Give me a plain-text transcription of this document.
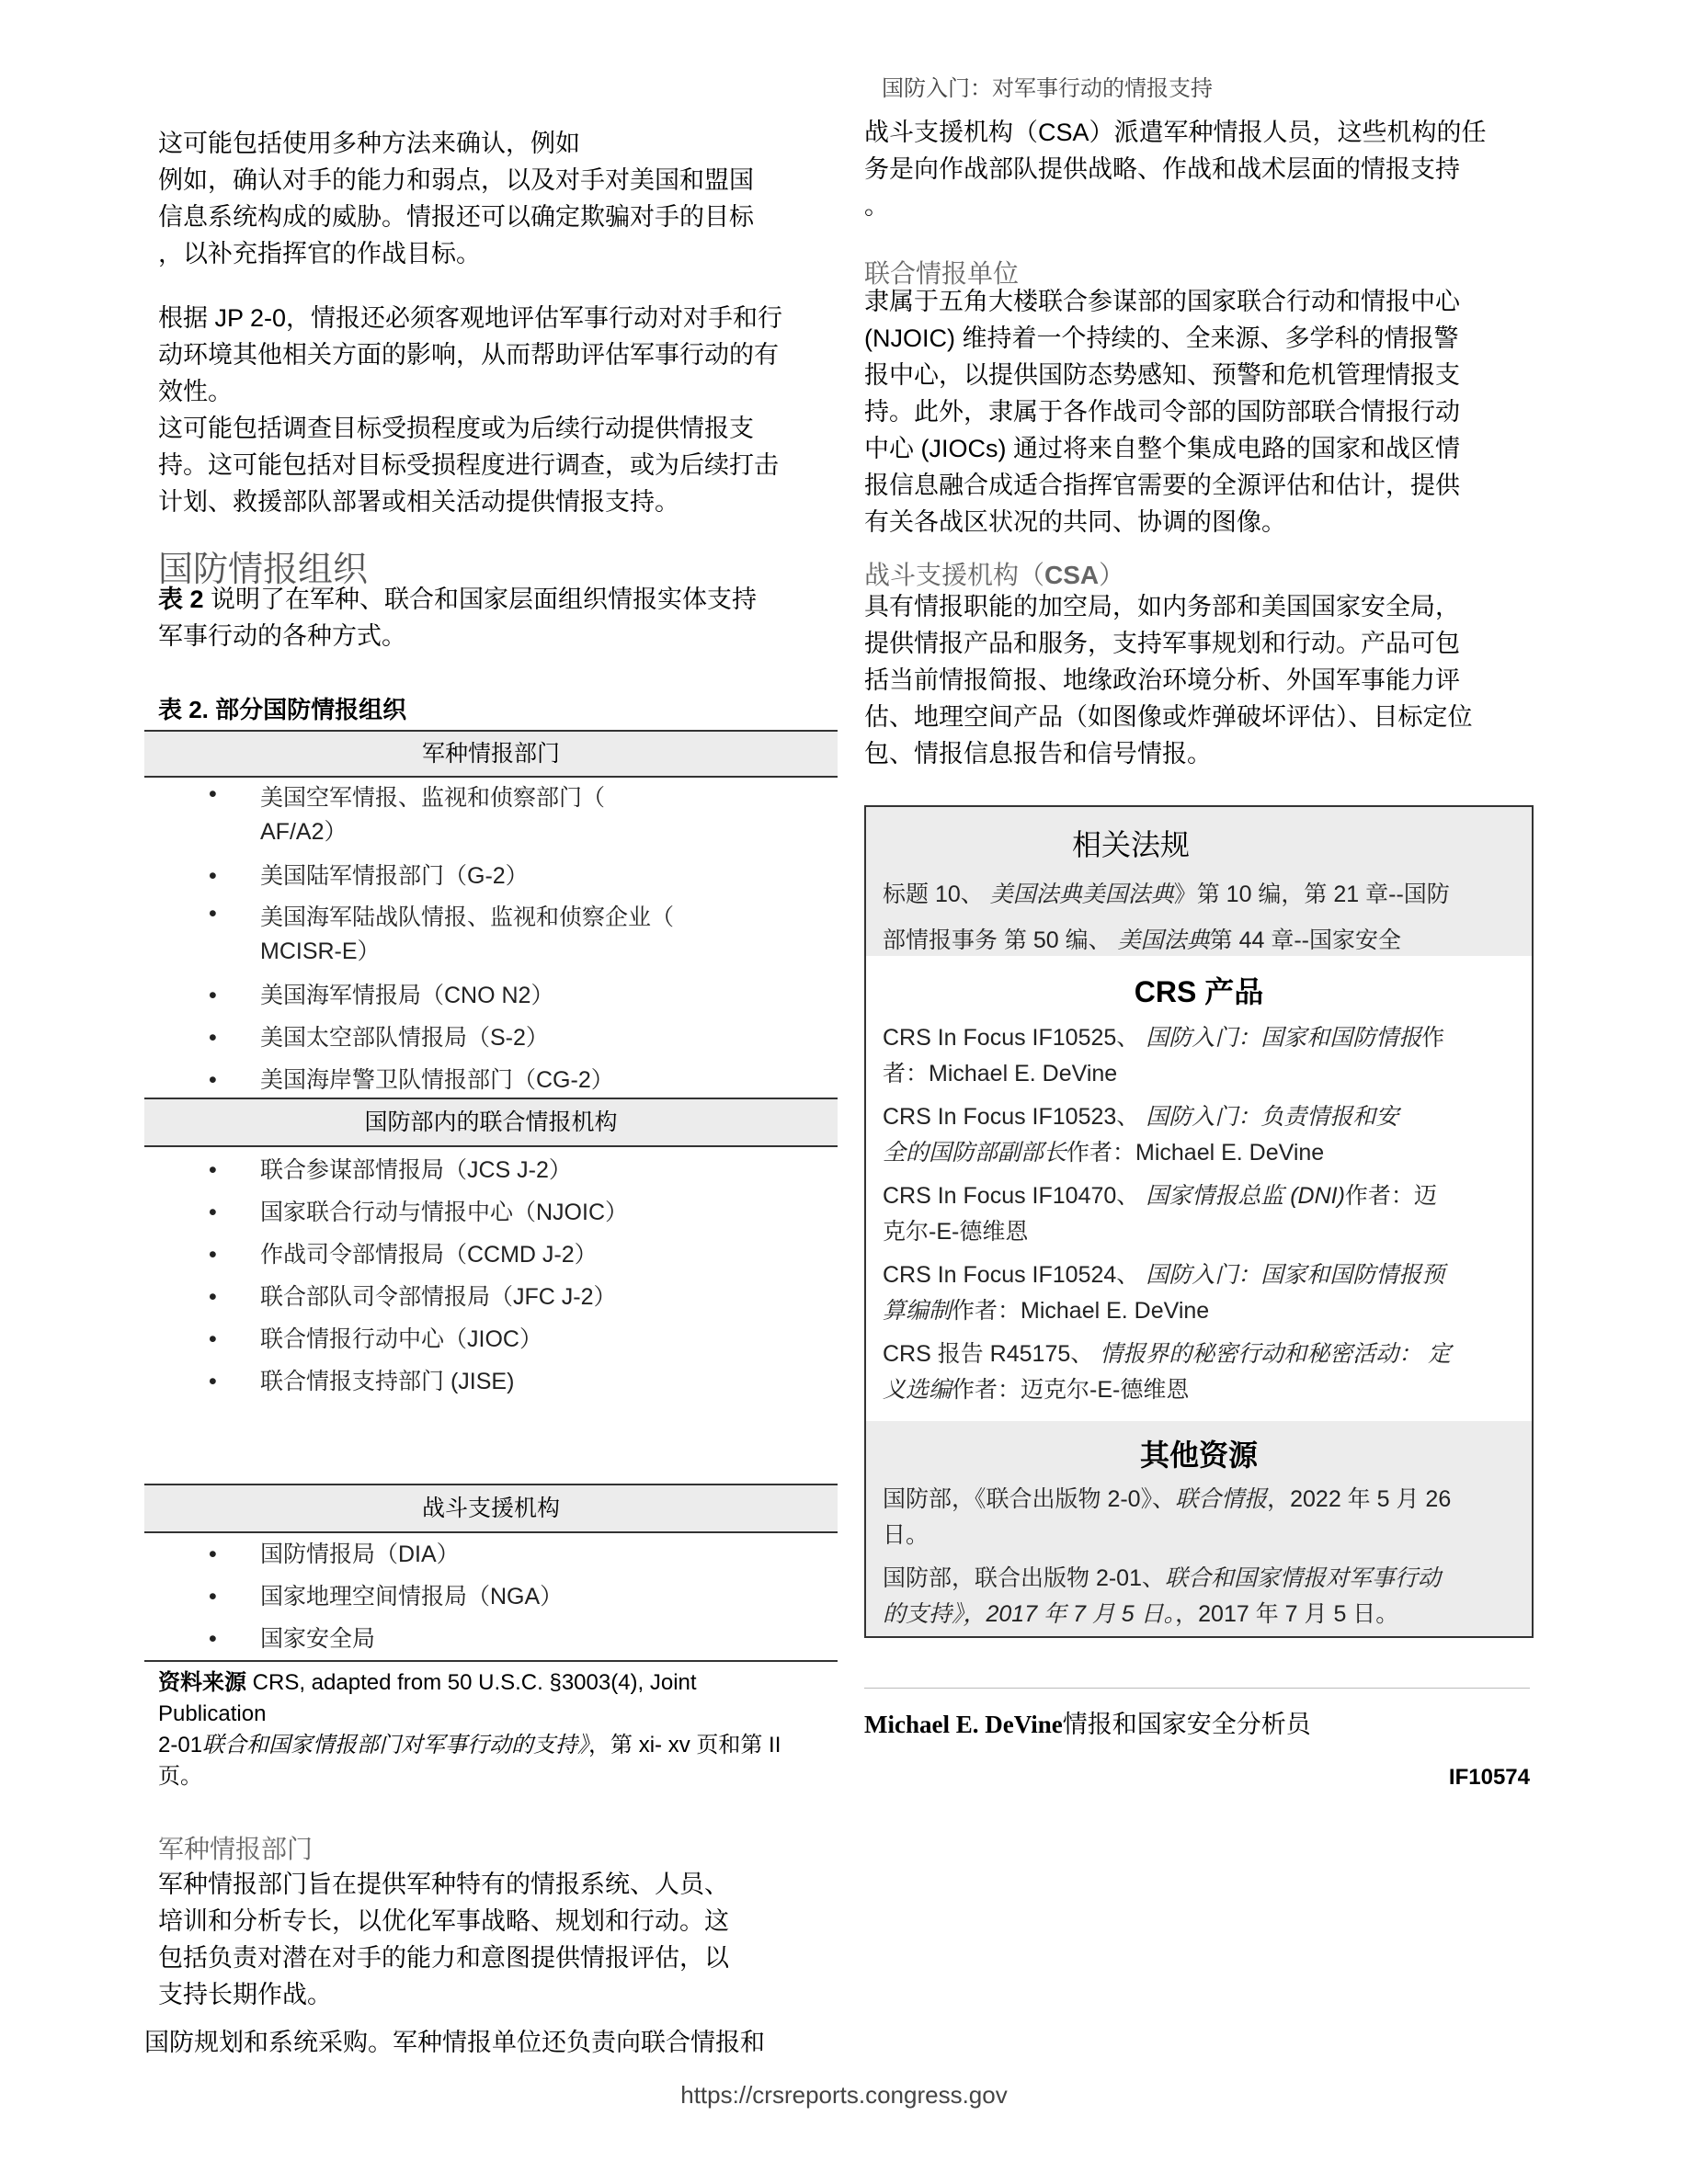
国防入门：对军事行动的情报支持
这可能包括使用多种方法来确认，例如
例如，确认对手的能力和弱点，以及对手对美国和盟国
信息系统构成的威胁。情报还可以确定欺骗对手的目标
，以补充指挥官的作战目标。
根据 JP 2-0，情报还必须客观地评估军事行动对对手和行
动环境其他相关方面的影响，从而帮助评估军事行动的有
效性。
这可能包括调查目标受损程度或为后续行动提供情报支
持。这可能包括对目标受损程度进行调查，或为后续打击
计划、救援部队部署或相关活动提供情报支持。
国防情报组织
表 2 说明了在军种、联合和国家层面组织情报实体支持
军事行动的各种方式。
表 2. 部分国防情报组织
军种情报部门
• 美国空军情报、监视和侦察部门（
AF/A2）
• 美国陆军情报部门（G-2）
• 美国海军陆战队情报、监视和侦察企业（
MCISR-E）
• 美国海军情报局（CNO N2）
• 美国太空部队情报局（S-2）
• 美国海岸警卫队情报部门（CG-2）
国防部内的联合情报机构
• 联合参谋部情报局（JCS J-2）
• 国家联合行动与情报中心（NJOIC）
• 作战司令部情报局（CCMD J-2）
• 联合部队司令部情报局（JFC J-2）
• 联合情报行动中心（JIOC）
• 联合情报支持部门 (JISE)
战斗支援机构
• 国防情报局（DIA）
• 国家地理空间情报局（NGA）
• 国家安全局
资料来源 CRS, adapted from 50 U.S.C. §3003(4), Joint
Publication
2-01联合和国家情报部门对军事行动的支持》，第 xi- xv 页和第 II
页。
军种情报部门
军种情报部门旨在提供军种特有的情报系统、人员、
培训和分析专长，以优化军事战略、规划和行动。这
包括负责对潜在对手的能力和意图提供情报评估，以
支持长期作战。
国防规划和系统采购。军种情报单位还负责向联合情报和
战斗支援机构（CSA）派遣军种情报人员，这些机构的任
务是向作战部队提供战略、作战和战术层面的情报支持
。
联合情报单位
隶属于五角大楼联合参谋部的国家联合行动和情报中心
(NJOIC) 维持着一个持续的、全来源、多学科的情报警
报中心，以提供国防态势感知、预警和危机管理情报支
持。此外，隶属于各作战司令部的国防部联合情报行动
中心 (JIOCs) 通过将来自整个集成电路的国家和战区情
报信息融合成适合指挥官需要的全源评估和估计，提供
有关各战区状况的共同、协调的图像。
战斗支援机构（CSA）
具有情报职能的加空局，如内务部和美国国家安全局，
提供情报产品和服务，支持军事规划和行动。产品可包
括当前情报简报、地缘政治环境分析、外国军事能力评
估、地理空间产品（如图像或炸弹破坏评估）、目标定位
包、情报信息报告和信号情报。
相关法规
标题 10、 美国法典美国法典》第 10 编，第 21 章--国防
部情报事务 第 50 编、 美国法典第 44 章--国家安全
CRS 产品
CRS In Focus IF10525、 国防入门：国家和国防情报作
者：Michael E. DeVine
CRS In Focus IF10523、 国防入门：负责情报和安
全的国防部副部长作者：Michael E. DeVine
CRS In Focus IF10470、 国家情报总监 (DNI)作者：迈
克尔-E-德维恩
CRS In Focus IF10524、 国防入门：国家和国防情报预
算编制作者：Michael E. DeVine
CRS 报告 R45175、 情报界的秘密行动和秘密活动： 定
义选编作者：迈克尔-E-德维恩
其他资源
国防部，《联合出版物 2-0》、联合情报，2022 年 5 月 26
日。
国防部，联合出版物 2-01、联合和国家情报对军事行动
的支持》，2017 年 7 月 5 日。，2017 年 7 月 5 日。
Michael E. DeVine情报和国家安全分析员
IF10574
https://crsreports.congress.gov
